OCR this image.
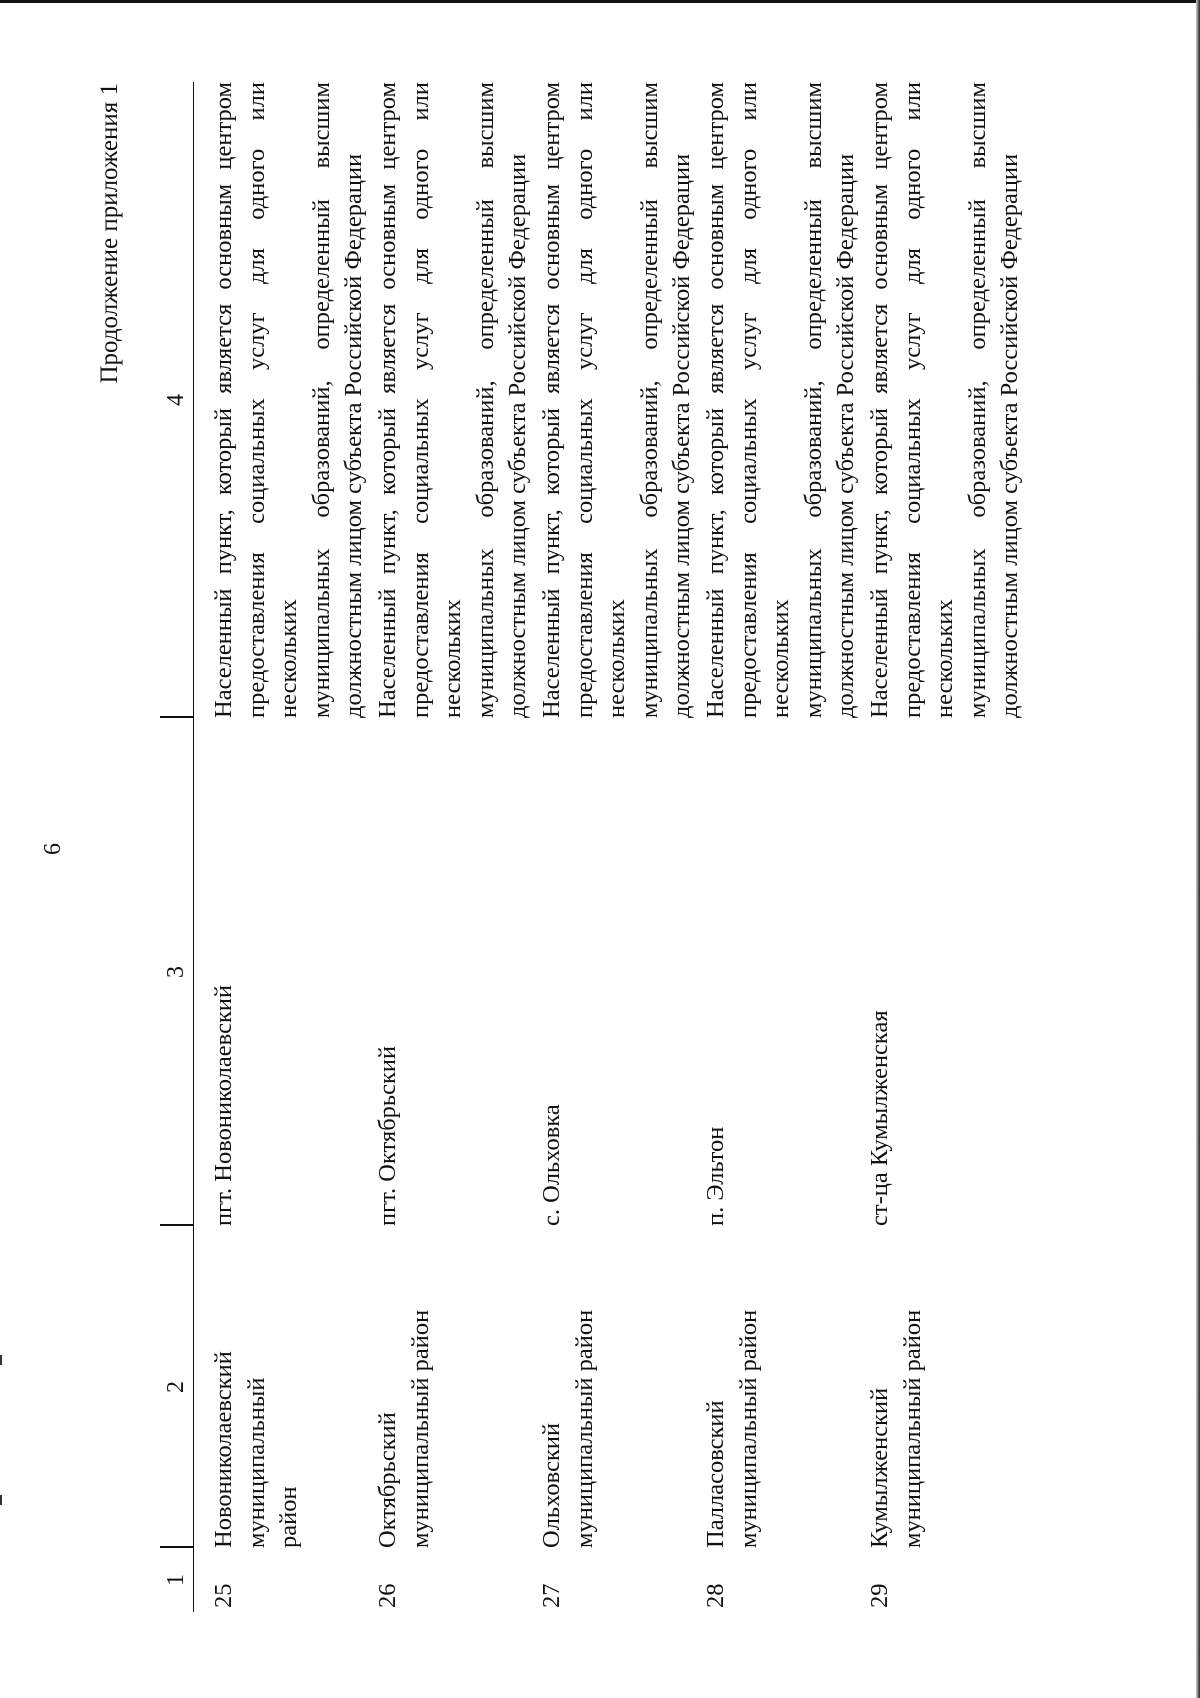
6
Продолжение приложения 1
1
2
3
4
25
Новониколаевский муниципальный район
пгт. Новониколаевский
Населенный пункт, который является основным центром предоставления социальных услуг для одного или нескольких муниципальных образований, определенный высшим должностным лицом субъекта Российской Федерации
26
Октябрьский муниципальный район
пгт. Октябрьский
Населенный пункт, который является основным центром предоставления социальных услуг для одного или нескольких муниципальных образований, определенный высшим должностным лицом субъекта Российской Федерации
27
Ольховский муниципальный район
с. Ольховка
Населенный пункт, который является основным центром предоставления социальных услуг для одного или нескольких муниципальных образований, определенный высшим должностным лицом субъекта Российской Федерации
28
Палласовский муниципальный район
п. Эльтон
Населенный пункт, который является основным центром предоставления социальных услуг для одного или нескольких муниципальных образований, определенный высшим должностным лицом субъекта Российской Федерации
29
Кумылженский муниципальный район
ст-ца Кумылженская
Населенный пункт, который является основным центром предоставления социальных услуг для одного или нескольких муниципальных образований, определенный высшим должностным лицом субъекта Российской Федерации
